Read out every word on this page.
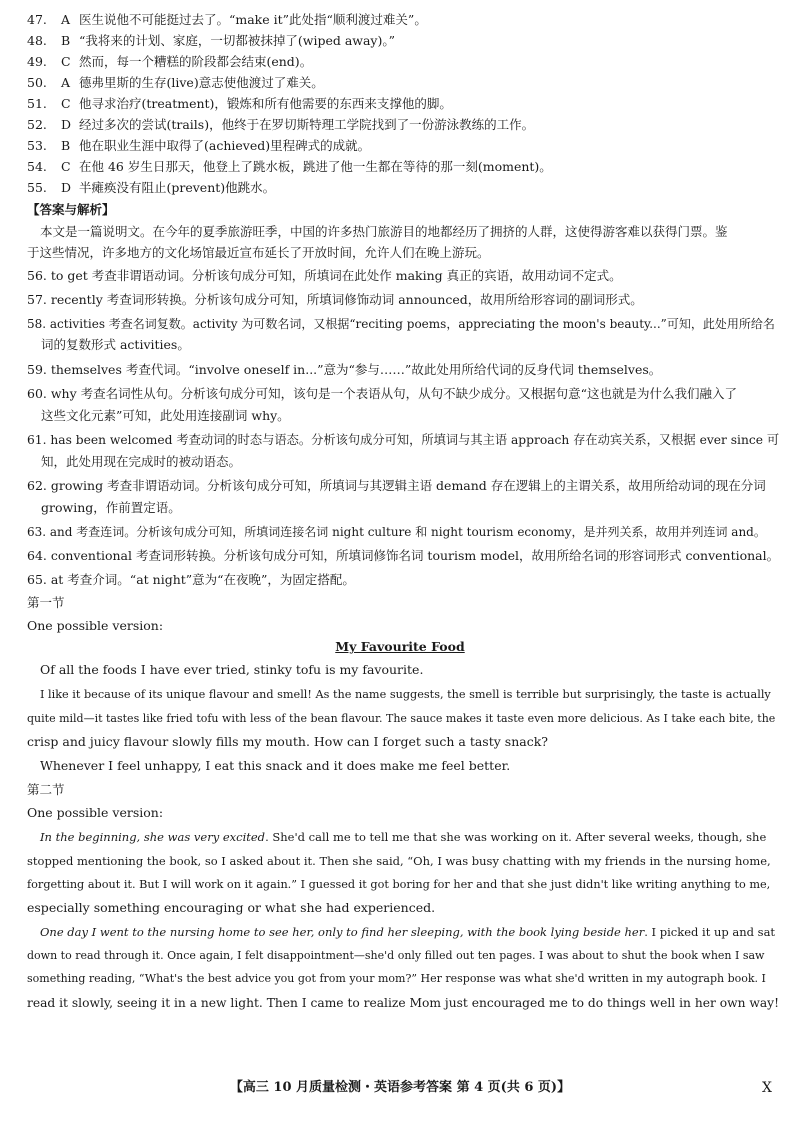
47. A 医生说他不可能挺过去了。“make it”此处指“顺利渡过难关”。
48. B “我将来的计划、家庭，一切都被抹掉了(wiped away)。”
49. C 然而，每一个糟糕的阶段都会结束(end)。
50. A 德弗里斯的生存(live)意志使他渡过了难关。
51. C 他寻求治疗(treatment)，锻炼和所有他需要的东西来支撑他的脚。
52. D 经过多次的尝试(trails)，他终于在罗切斯特理工学院找到了一份游泳教练的工作。
53. B 他在职业生涯中取得了(achieved)里程碑式的成就。
54. C 在他 46 岁生日那天，他登上了跳水板，跳进了他一生都在等待的那一刻(moment)。
55. D 半瘫痪没有阻止(prevent)他跳水。
【答案与解析】
本文是一篇说明文。在今年的夏季旅游旺季，中国的许多热门旅游目的地都经历了拥挤的人群，这使得游客难以获得门票。鉴
于这些情况，许多地方的文化场馆最近宣布延长了开放时间，允许人们在晚上游玩。
56. to get 考查非谓语动词。分析该句成分可知，所填词在此处作 making 真正的宾语，故用动词不定式。
57. recently 考查词形转换。分析该句成分可知，所填词修饰动词 announced，故用所给形容词的副词形式。
58. activities 考查名词复数。activity 为可数名词，又根据“reciting poems，appreciating the moon's beauty...”可知，此处用所给名
词的复数形式 activities。
59. themselves 考查代词。“involve oneself in...”意为“参与……”故此处用所给代词的反身代词 themselves。
60. why 考查名词性从句。分析该句成分可知，该句是一个表语从句，从句不缺少成分。又根据句意“这也就是为什么我们融入了
这些文化元素”可知，此处用连接副词 why。
61. has been welcomed 考查动词的时态与语态。分析该句成分可知，所填词与其主语 approach 存在动宾关系，又根据 ever since 可
知，此处用现在完成时的被动语态。
62. growing 考查非谓语动词。分析该句成分可知，所填词与其逻辑主语 demand 存在逻辑上的主谓关系，故用所给动词的现在分词
growing，作前置定语。
63. and 考查连词。分析该句成分可知，所填词连接名词 night culture 和 night tourism economy，是并列关系，故用并列连词 and。
64. conventional 考查词形转换。分析该句成分可知，所填词修饰名词 tourism model，故用所给名词的形容词形式 conventional。
65. at 考查介词。“at night”意为“在夜晚”，为固定搭配。
第一节
One possible version:
My Favourite Food
Of all the foods I have ever tried, stinky tofu is my favourite.
I like it because of its unique flavour and smell! As the name suggests, the smell is terrible but surprisingly, the taste is actually
quite mild—it tastes like fried tofu with less of the bean flavour. The sauce makes it taste even more delicious. As I take each bite, the
crisp and juicy flavour slowly fills my mouth. How can I forget such a tasty snack?
Whenever I feel unhappy, I eat this snack and it does make me feel better.
第二节
One possible version:
In the beginning, she was very excited. She'd call me to tell me that she was working on it. After several weeks, though, she
stopped mentioning the book, so I asked about it. Then she said, “Oh, I was busy chatting with my friends in the nursing home,
forgetting about it. But I will work on it again.” I guessed it got boring for her and that she just didn't like writing anything to me,
especially something encouraging or what she had experienced.
One day I went to the nursing home to see her, only to find her sleeping, with the book lying beside her. I picked it up and sat
down to read through it. Once again, I felt disappointment—she'd only filled out ten pages. I was about to shut the book when I saw
something reading, “What's the best advice you got from your mom?” Her response was what she'd written in my autograph book. I
read it slowly, seeing it in a new light. Then I came to realize Mom just encouraged me to do things well in her own way!
【高三 10 月质量检测・英语参考答案 第 4 页(共 6 页)】	X
